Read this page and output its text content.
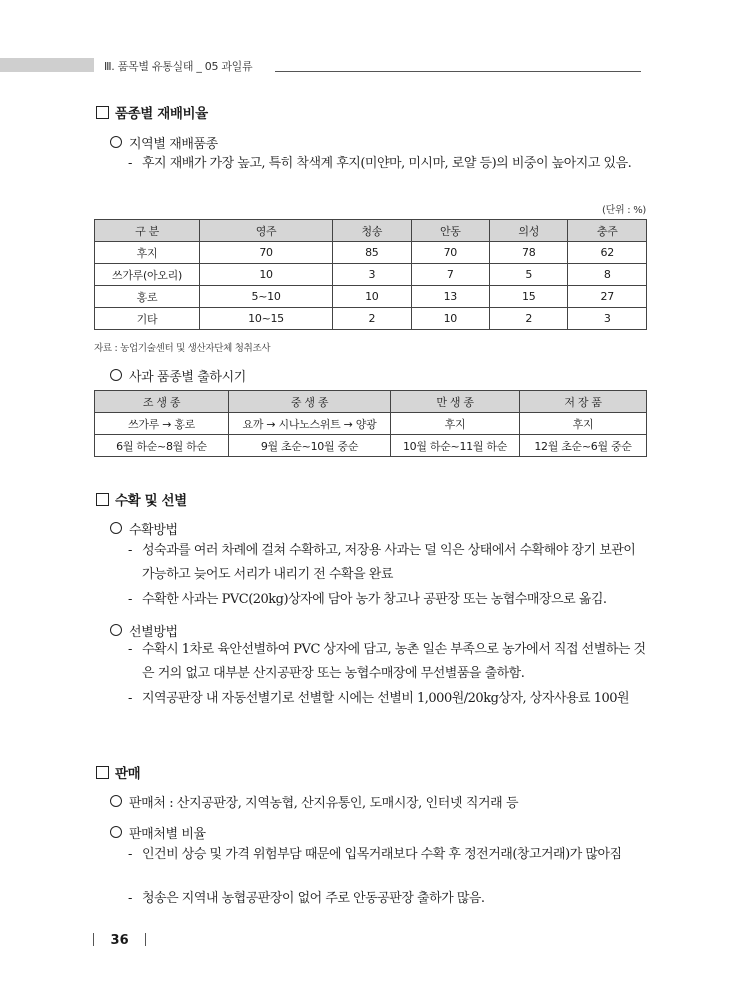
Ⅲ. 품목별 유통실태 _ 05 과일류
품종별 재배비율
지역별 재배품종
- 후지 재배가 가장 높고, 특히 착색계 후지(미얀마, 미시마, 로얄 등)의 비중이 높아지고 있음.
(단위 : %)
구 분	영주	청송	안동	의성	충주
후지	70	85	70	78	62
쓰가루(아오리)	10	3	7	5	8
홍로	5~10	10	13	15	27
기타	10~15	2	10	2	3
자료 : 농업기술센터 및 생산자단체 청취조사
사과 품종별 출하시기
조 생 종	중 생 종	만 생 종	저 장 품
쓰가루 → 홍로	요까 → 시나노스위트 → 양광	후지	후지
6월 하순~8월 하순	9월 초순~10월 중순	10월 하순~11월 하순	12월 초순~6월 중순
수확 및 선별
수확방법
- 성숙과를 여러 차례에 걸쳐 수확하고, 저장용 사과는 덜 익은 상태에서 수확해야 장기 보관이 가능하고 늦어도 서리가 내리기 전 수확을 완료
- 수확한 사과는 PVC(20kg)상자에 담아 농가 창고나 공판장 또는 농협수매장으로 옮김.
선별방법
- 수확시 1차로 육안선별하여 PVC 상자에 담고, 농촌 일손 부족으로 농가에서 직접 선별하는 것은 거의 없고 대부분 산지공판장 또는 농협수매장에 무선별품을 출하함.
- 지역공판장 내 자동선별기로 선별할 시에는 선별비 1,000원/20kg상자, 상자사용료 100원
판매
판매처 : 산지공판장, 지역농협, 산지유통인, 도매시장, 인터넷 직거래 등
판매처별 비율
- 인건비 상승 및 가격 위험부담 때문에 입목거래보다 수확 후 정전거래(창고거래)가 많아짐
- 청송은 지역내 농협공판장이 없어 주로 안동공판장 출하가 많음.
36
